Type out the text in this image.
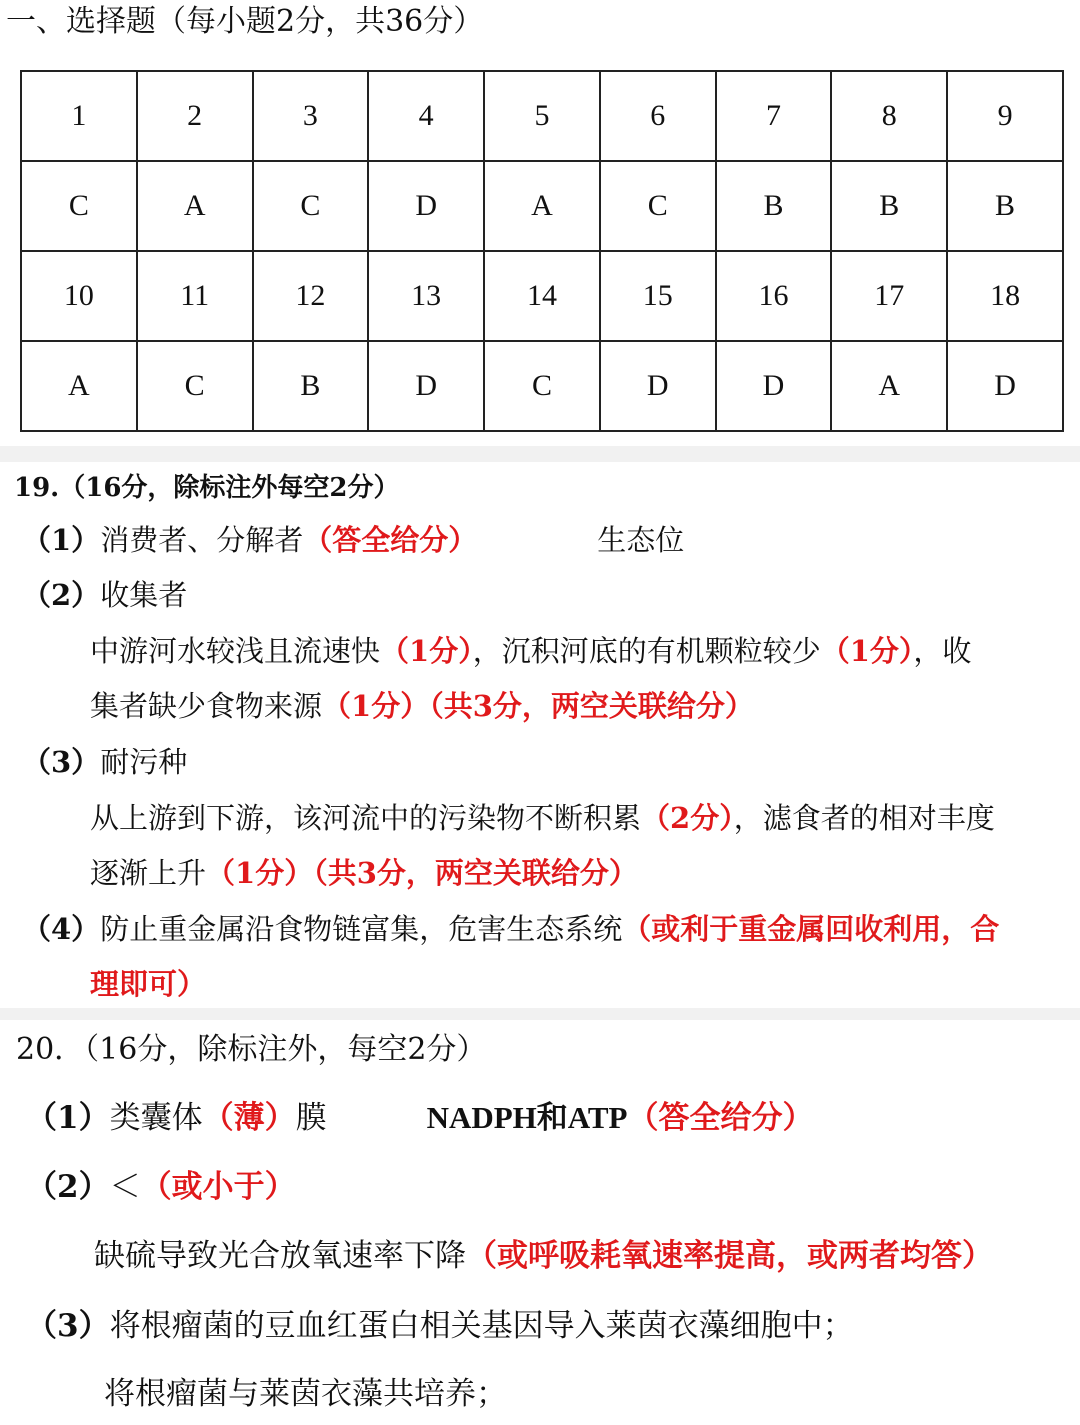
一、选择题（每小题2分，共36分）
1	2	3	4	5	6	7	8	9
C	A	C	D	A	C	B	B	B
10	11	12	13	14	15	16	17	18
A	C	B	D	C	D	D	A	D
19.（16分，除标注外每空2分）
（1）消费者、分解者（答全给分）	生态位
（2）收集者
中游河水较浅且流速快（1分），沉积河底的有机颗粒较少（1分），收
集者缺少食物来源（1分）（共3分，两空关联给分）
（3）耐污种
从上游到下游，该河流中的污染物不断积累（2分），滤食者的相对丰度
逐渐上升（1分）（共3分，两空关联给分）
（4）防止重金属沿食物链富集，危害生态系统（或利于重金属回收利用，合
理即可）
20．（16分，除标注外，每空2分）
（1）类囊体（薄）膜	NADPH和ATP（答全给分）
（2）＜（或小于）
缺硫导致光合放氧速率下降（或呼吸耗氧速率提高，或两者均答）
（3）将根瘤菌的豆血红蛋白相关基因导入莱茵衣藻细胞中；
将根瘤菌与莱茵衣藻共培养；
